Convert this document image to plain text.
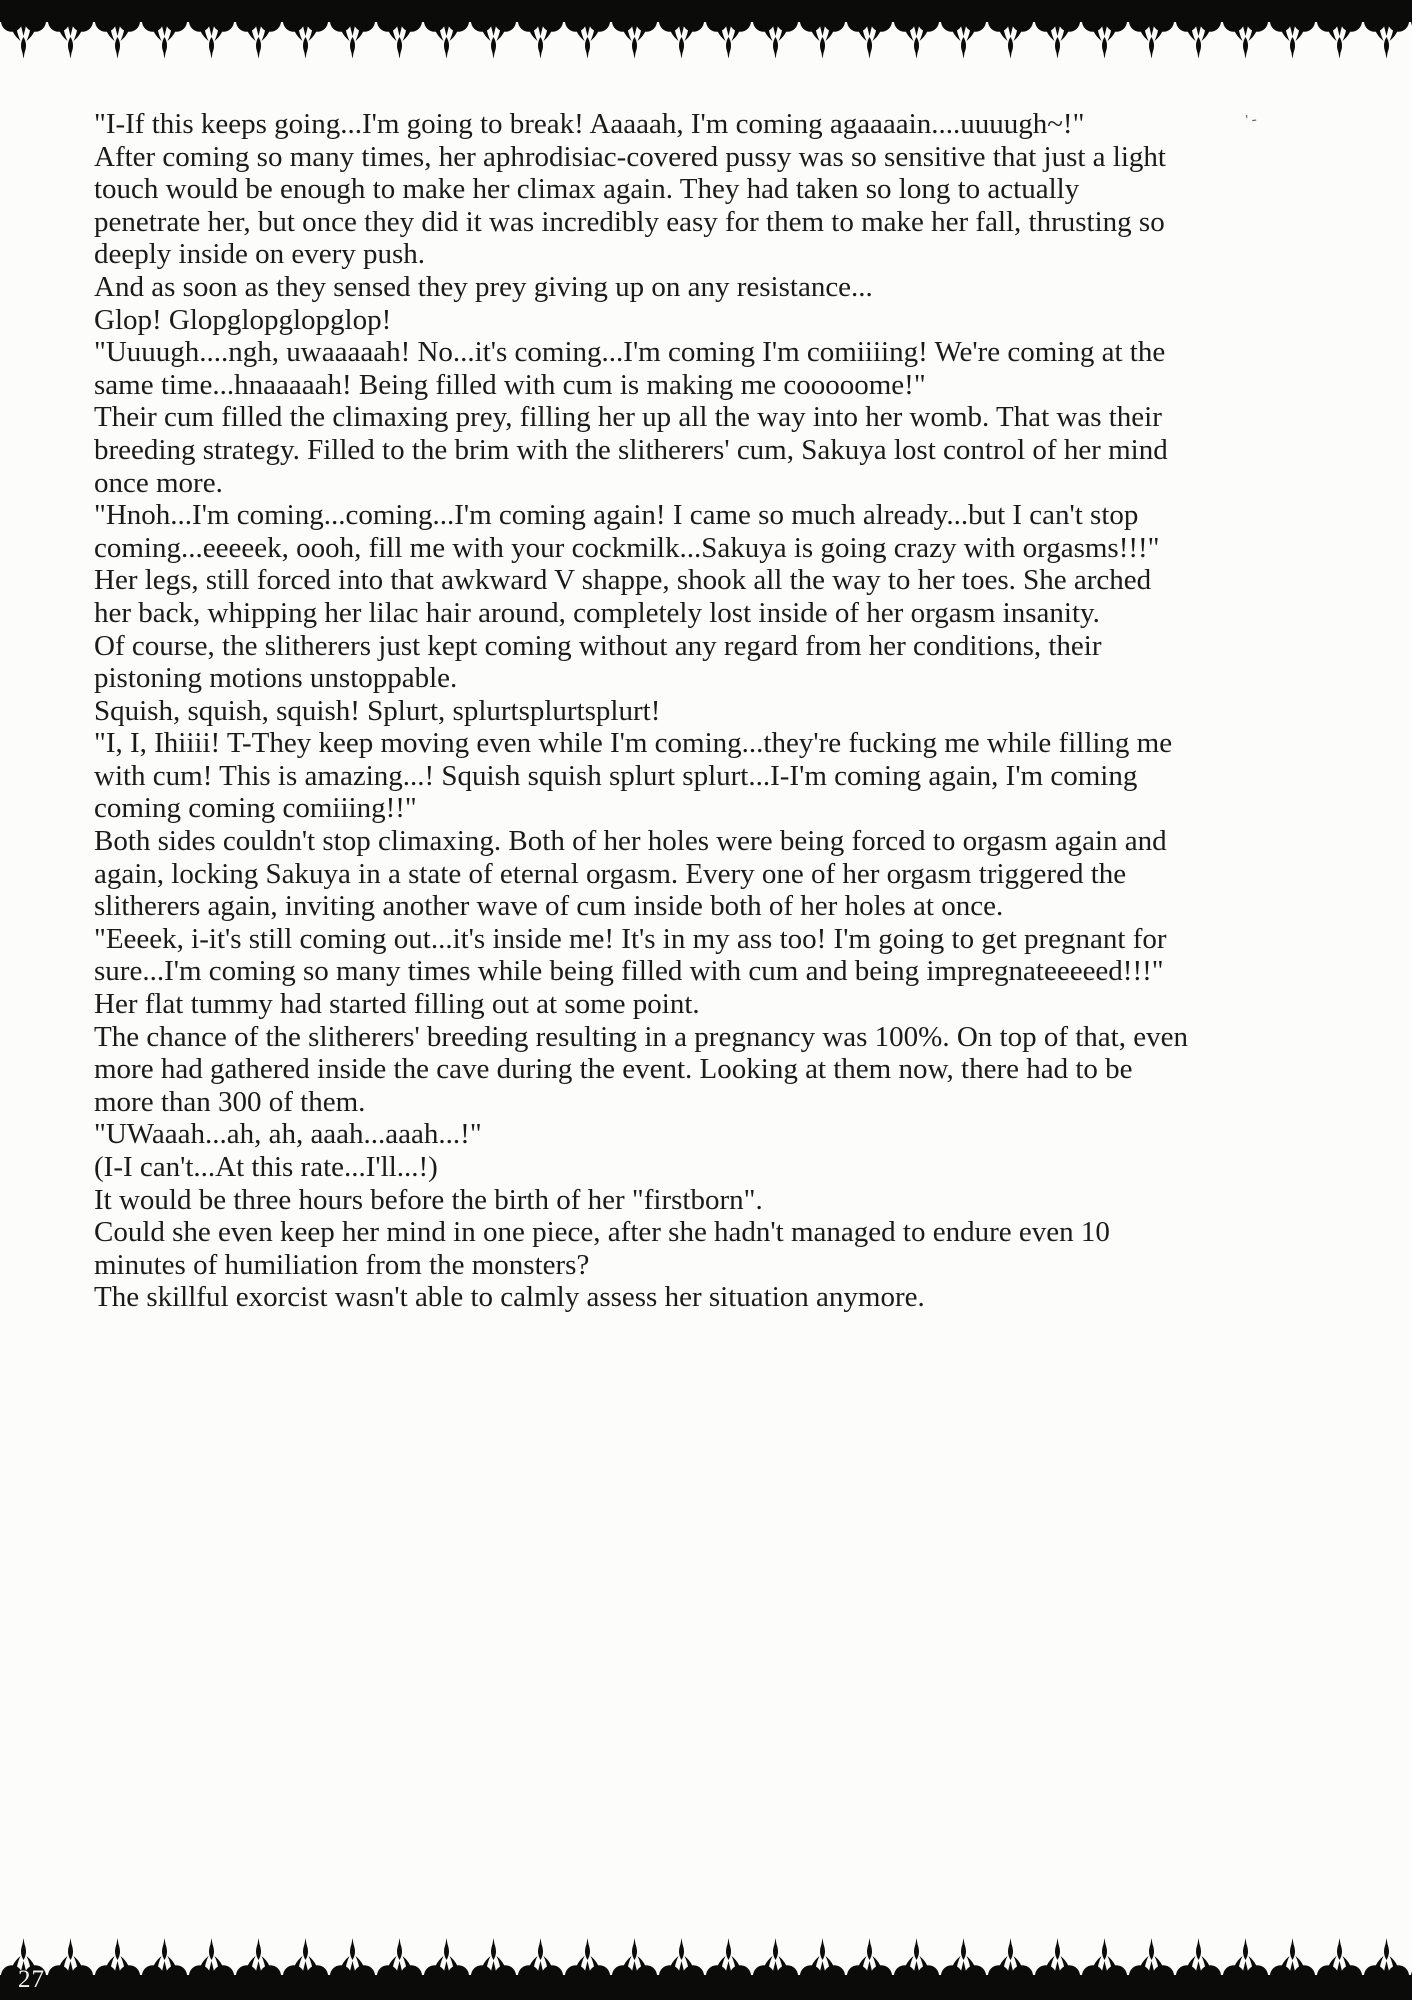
"I-If this keeps going...I'm going to break! Aaaaah, I'm coming agaaaain....uuuugh~!"
After coming so many times, her aphrodisiac-covered pussy was so sensitive that just a light
touch would be enough to make her climax again. They had taken so long to actually
penetrate her, but once they did it was incredibly easy for them to make her fall, thrusting so
deeply inside on every push.
And as soon as they sensed they prey giving up on any resistance...
Glop! Glopglopglopglop!
"Uuuugh....ngh, uwaaaaah! No...it's coming...I'm coming I'm comiiiing! We're coming at the
same time...hnaaaaah! Being filled with cum is making me cooooome!"
Their cum filled the climaxing prey, filling her up all the way into her womb. That was their
breeding strategy. Filled to the brim with the slitherers' cum, Sakuya lost control of her mind
once more.
"Hnoh...I'm coming...coming...I'm coming again! I came so much already...but I can't stop
coming...eeeeek, oooh, fill me with your cockmilk...Sakuya is going crazy with orgasms!!!"
Her legs, still forced into that awkward V shappe, shook all the way to her toes. She arched
her back, whipping her lilac hair around, completely lost inside of her orgasm insanity.
Of course, the slitherers just kept coming without any regard from her conditions, their
pistoning motions unstoppable.
Squish, squish, squish! Splurt, splurtsplurtsplurt!
"I, I, Ihiiii! T-They keep moving even while I'm coming...they're fucking me while filling me
with cum! This is amazing...! Squish squish splurt splurt...I-I'm coming again, I'm coming
coming coming comiiing!!"
Both sides couldn't stop climaxing. Both of her holes were being forced to orgasm again and
again, locking Sakuya in a state of eternal orgasm. Every one of her orgasm triggered the
slitherers again, inviting another wave of cum inside both of her holes at once.
"Eeeek, i-it's still coming out...it's inside me! It's in my ass too! I'm going to get pregnant for
sure...I'm coming so many times while being filled with cum and being impregnateeeeed!!!"
Her flat tummy had started filling out at some point.
The chance of the slitherers' breeding resulting in a pregnancy was 100%. On top of that, even
more had gathered inside the cave during the event. Looking at them now, there had to be
more than 300 of them.
"UWaaah...ah, ah, aaah...aaah...!"
(I-I can't...At this rate...I'll...!)
It would be three hours before the birth of her "firstborn".
Could she even keep her mind in one piece, after she hadn't managed to endure even 10
minutes of humiliation from the monsters?
The skillful exorcist wasn't able to calmly assess her situation anymore.
'-
27
